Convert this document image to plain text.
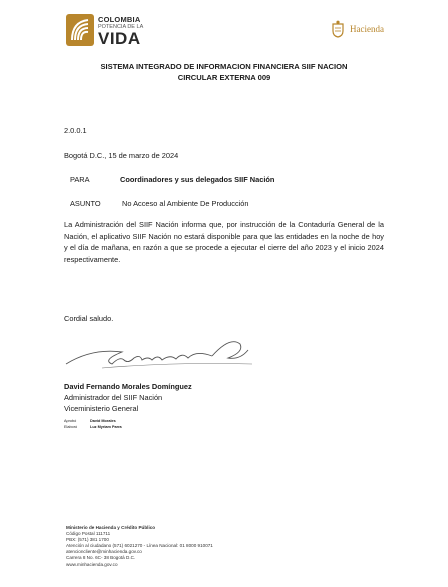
COLOMBIA
POTENCIA DE LA
VIDA	Hacienda
SISTEMA INTEGRADO DE INFORMACION FINANCIERA SIIF NACION
CIRCULAR EXTERNA 009
2.0.0.1
Bogotá D.C., 15 de marzo de 2024
PARA	Coordinadores y sus delegados SIIF Nación
ASUNTO	No Acceso al Ambiente De Producción
La Administración del SIIF Nación informa que, por instrucción de la Contaduría General de la Nación, el aplicativo SIIF Nación no estará disponible para que las entidades en la noche de hoy y el día de mañana, en razón a que se procede a ejecutar el cierre del año 2023 y el inicio 2024 respectivamente.
Cordial saludo.
David Fernando Morales Domínguez
Administrador del SIIF Nación
Viceministerio General
Aprobó	David Morales
Elaboró	Luz Myriam Parra
Ministerio de Hacienda y Crédito Público
Código Postal 111711
PBX: (571) 381 1700
Atención al ciudadano (571) 6021270 - Línea Nacional: 01 8000 910071
atencioncliente@minhacienda.gov.co
Carrera 8 No. 6C- 38 Bogotá D.C.
www.minhacienda.gov.co
